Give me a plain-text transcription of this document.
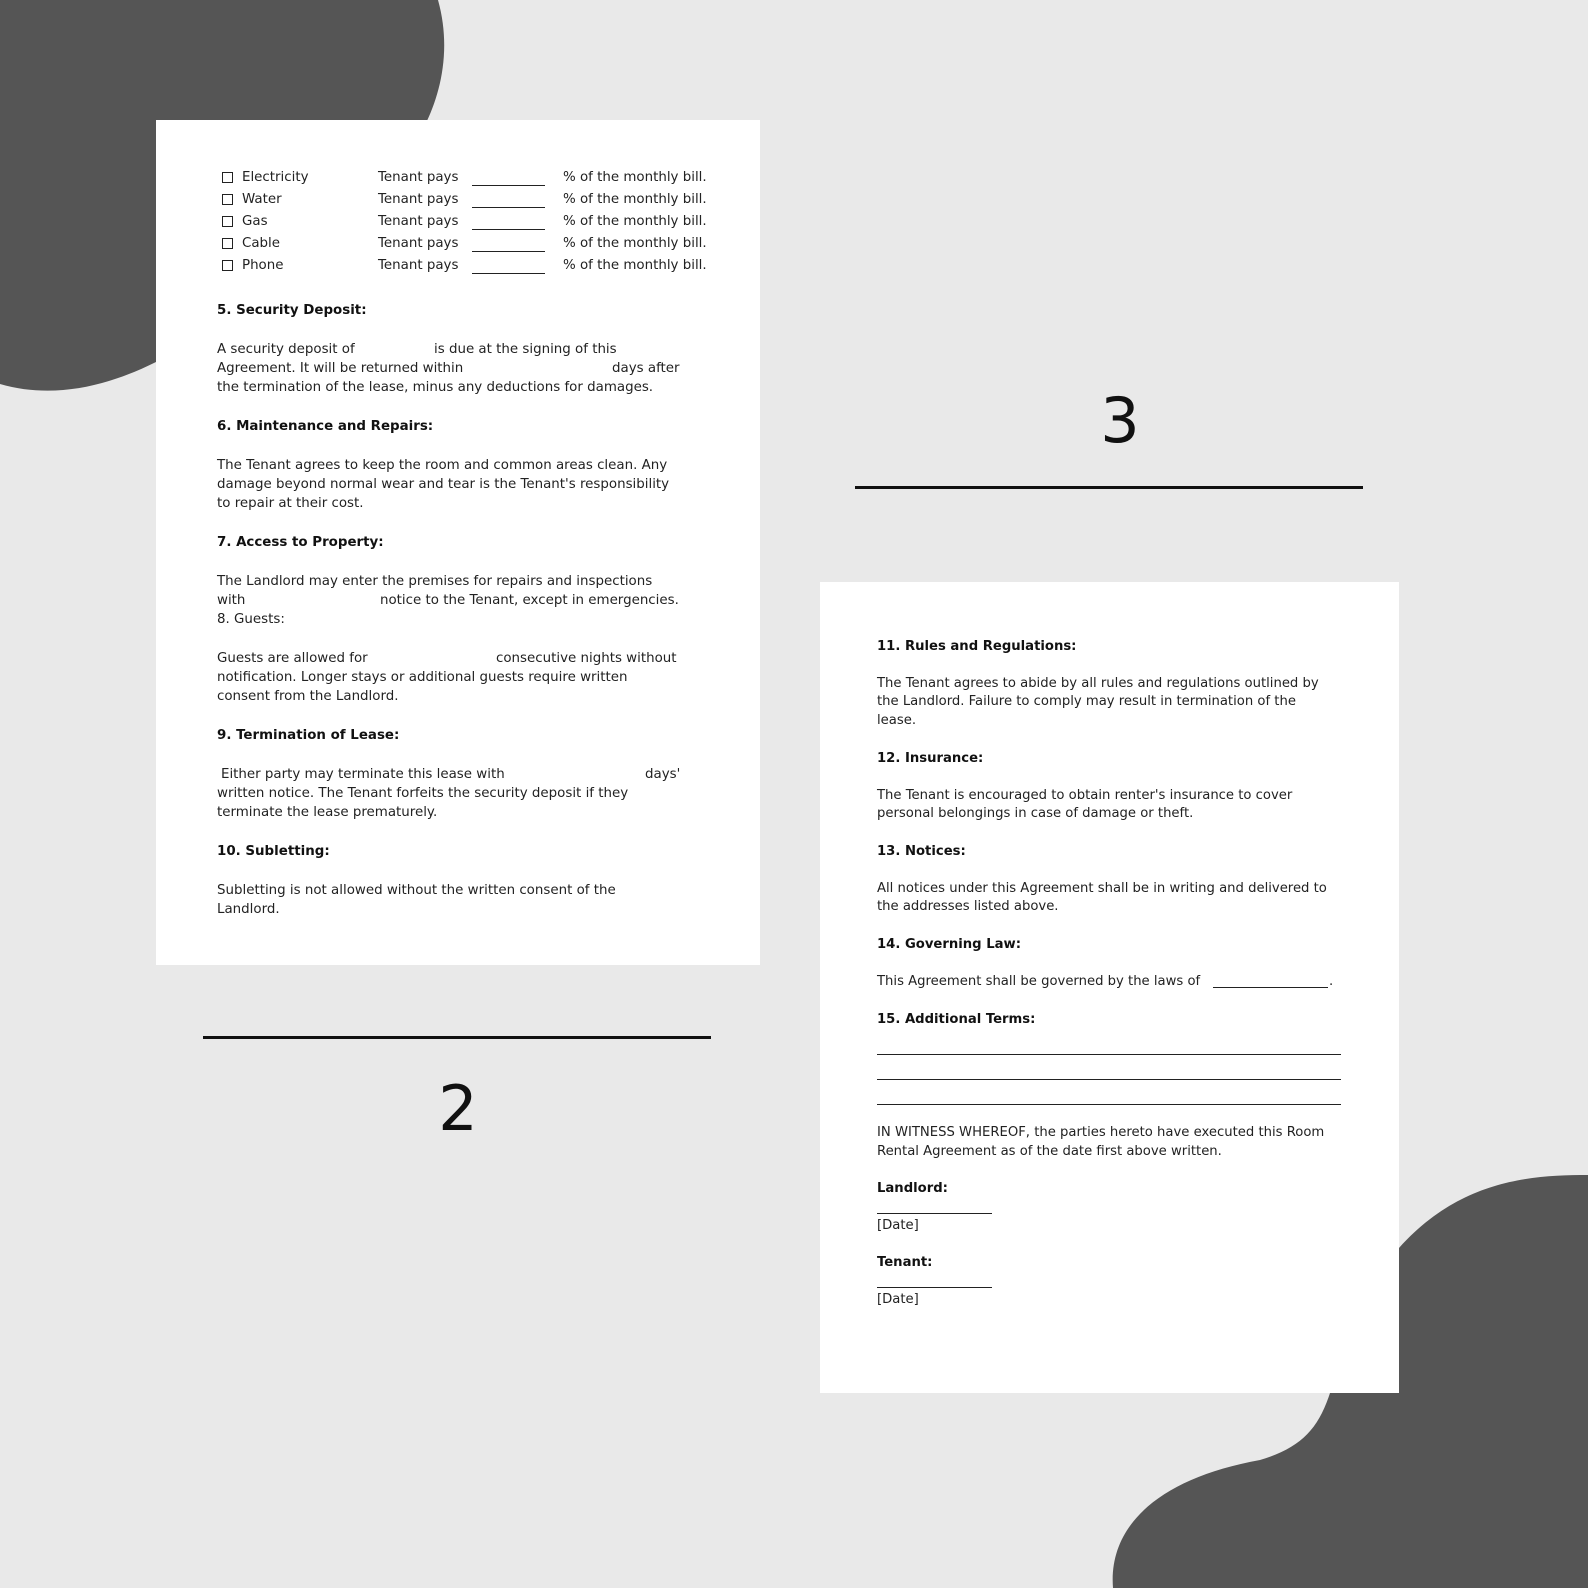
Electricity	Tenant pays	% of the monthly bill.
Water	Tenant pays	% of the monthly bill.
Gas	Tenant pays	% of the monthly bill.
Cable	Tenant pays	% of the monthly bill.
Phone	Tenant pays	% of the monthly bill.
5. Security Deposit:
A security deposit of	is due at the signing of this
Agreement. It will be returned within	days after
the termination of the lease, minus any deductions for damages.
6. Maintenance and Repairs:
The Tenant agrees to keep the room and common areas clean. Any
damage beyond normal wear and tear is the Tenant's responsibility
to repair at their cost.
7. Access to Property:
The Landlord may enter the premises for repairs and inspections
with	notice to the Tenant, except in emergencies.
8. Guests:
Guests are allowed for	consecutive nights without
notification. Longer stays or additional guests require written
consent from the Landlord.
9. Termination of Lease:
Either party may terminate this lease with	days'
written notice. The Tenant forfeits the security deposit if they
terminate the lease prematurely.
10. Subletting:
Subletting is not allowed without the written consent of the
Landlord.
2
3
11. Rules and Regulations:
The Tenant agrees to abide by all rules and regulations outlined by
the Landlord. Failure to comply may result in termination of the
lease.
12. Insurance:
The Tenant is encouraged to obtain renter's insurance to cover
personal belongings in case of damage or theft.
13. Notices:
All notices under this Agreement shall be in writing and delivered to
the addresses listed above.
14. Governing Law:
This Agreement shall be governed by the laws of	.
15. Additional Terms:
IN WITNESS WHEREOF, the parties hereto have executed this Room
Rental Agreement as of the date first above written.
Landlord:
[Date]
Tenant:
[Date]
